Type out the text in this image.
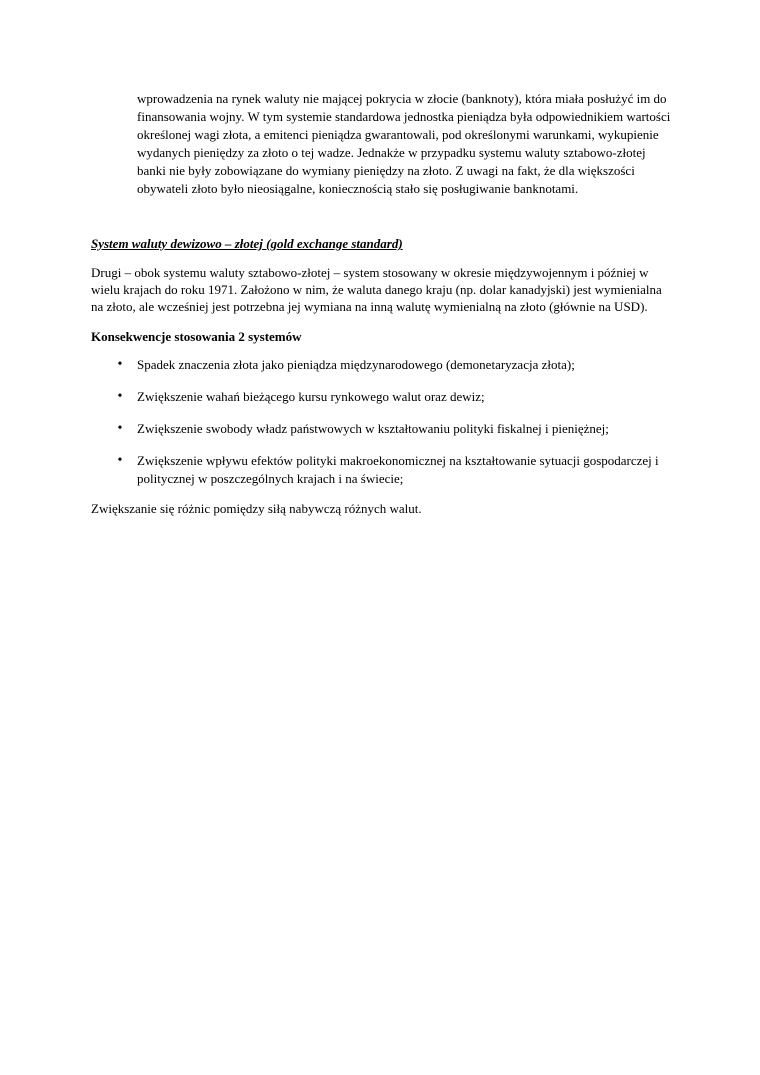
wprowadzenia na rynek waluty nie mającej pokrycia w złocie (banknoty), która miała posłużyć im do finansowania wojny. W tym systemie standardowa jednostka pieniądza była odpowiednikiem wartości określonej wagi złota, a emitenci pieniądza gwarantowali, pod określonymi warunkami, wykupienie wydanych pieniędzy za złoto o tej wadze. Jednakże w przypadku systemu waluty sztabowo-złotej banki nie były zobowiązane do wymiany pieniędzy na złoto. Z uwagi na fakt, że dla większości obywateli złoto było nieosiągalne, koniecznością stało się posługiwanie banknotami.

System waluty dewizowo – złotej (gold exchange standard)

Drugi – obok systemu waluty sztabowo-złotej – system stosowany w okresie międzywojennym i później w wielu krajach do roku 1971. Założono w nim, że waluta danego kraju (np. dolar kanadyjski) jest wymienialna na złoto, ale wcześniej jest potrzebna jej wymiana na inną walutę wymienialną na złoto (głównie na USD).

Konsekwencje stosowania 2 systemów

• Spadek znaczenia złota jako pieniądza międzynarodowego (demonetaryzacja złota);
• Zwiększenie wahań bieżącego kursu rynkowego walut oraz dewiz;
• Zwiększenie swobody władz państwowych w kształtowaniu polityki fiskalnej i pieniężnej;
• Zwiększenie wpływu efektów polityki makroekonomicznej na kształtowanie sytuacji gospodarczej i politycznej w poszczególnych krajach i na świecie;

Zwiększanie się różnic pomiędzy siłą nabywczą różnych walut.
